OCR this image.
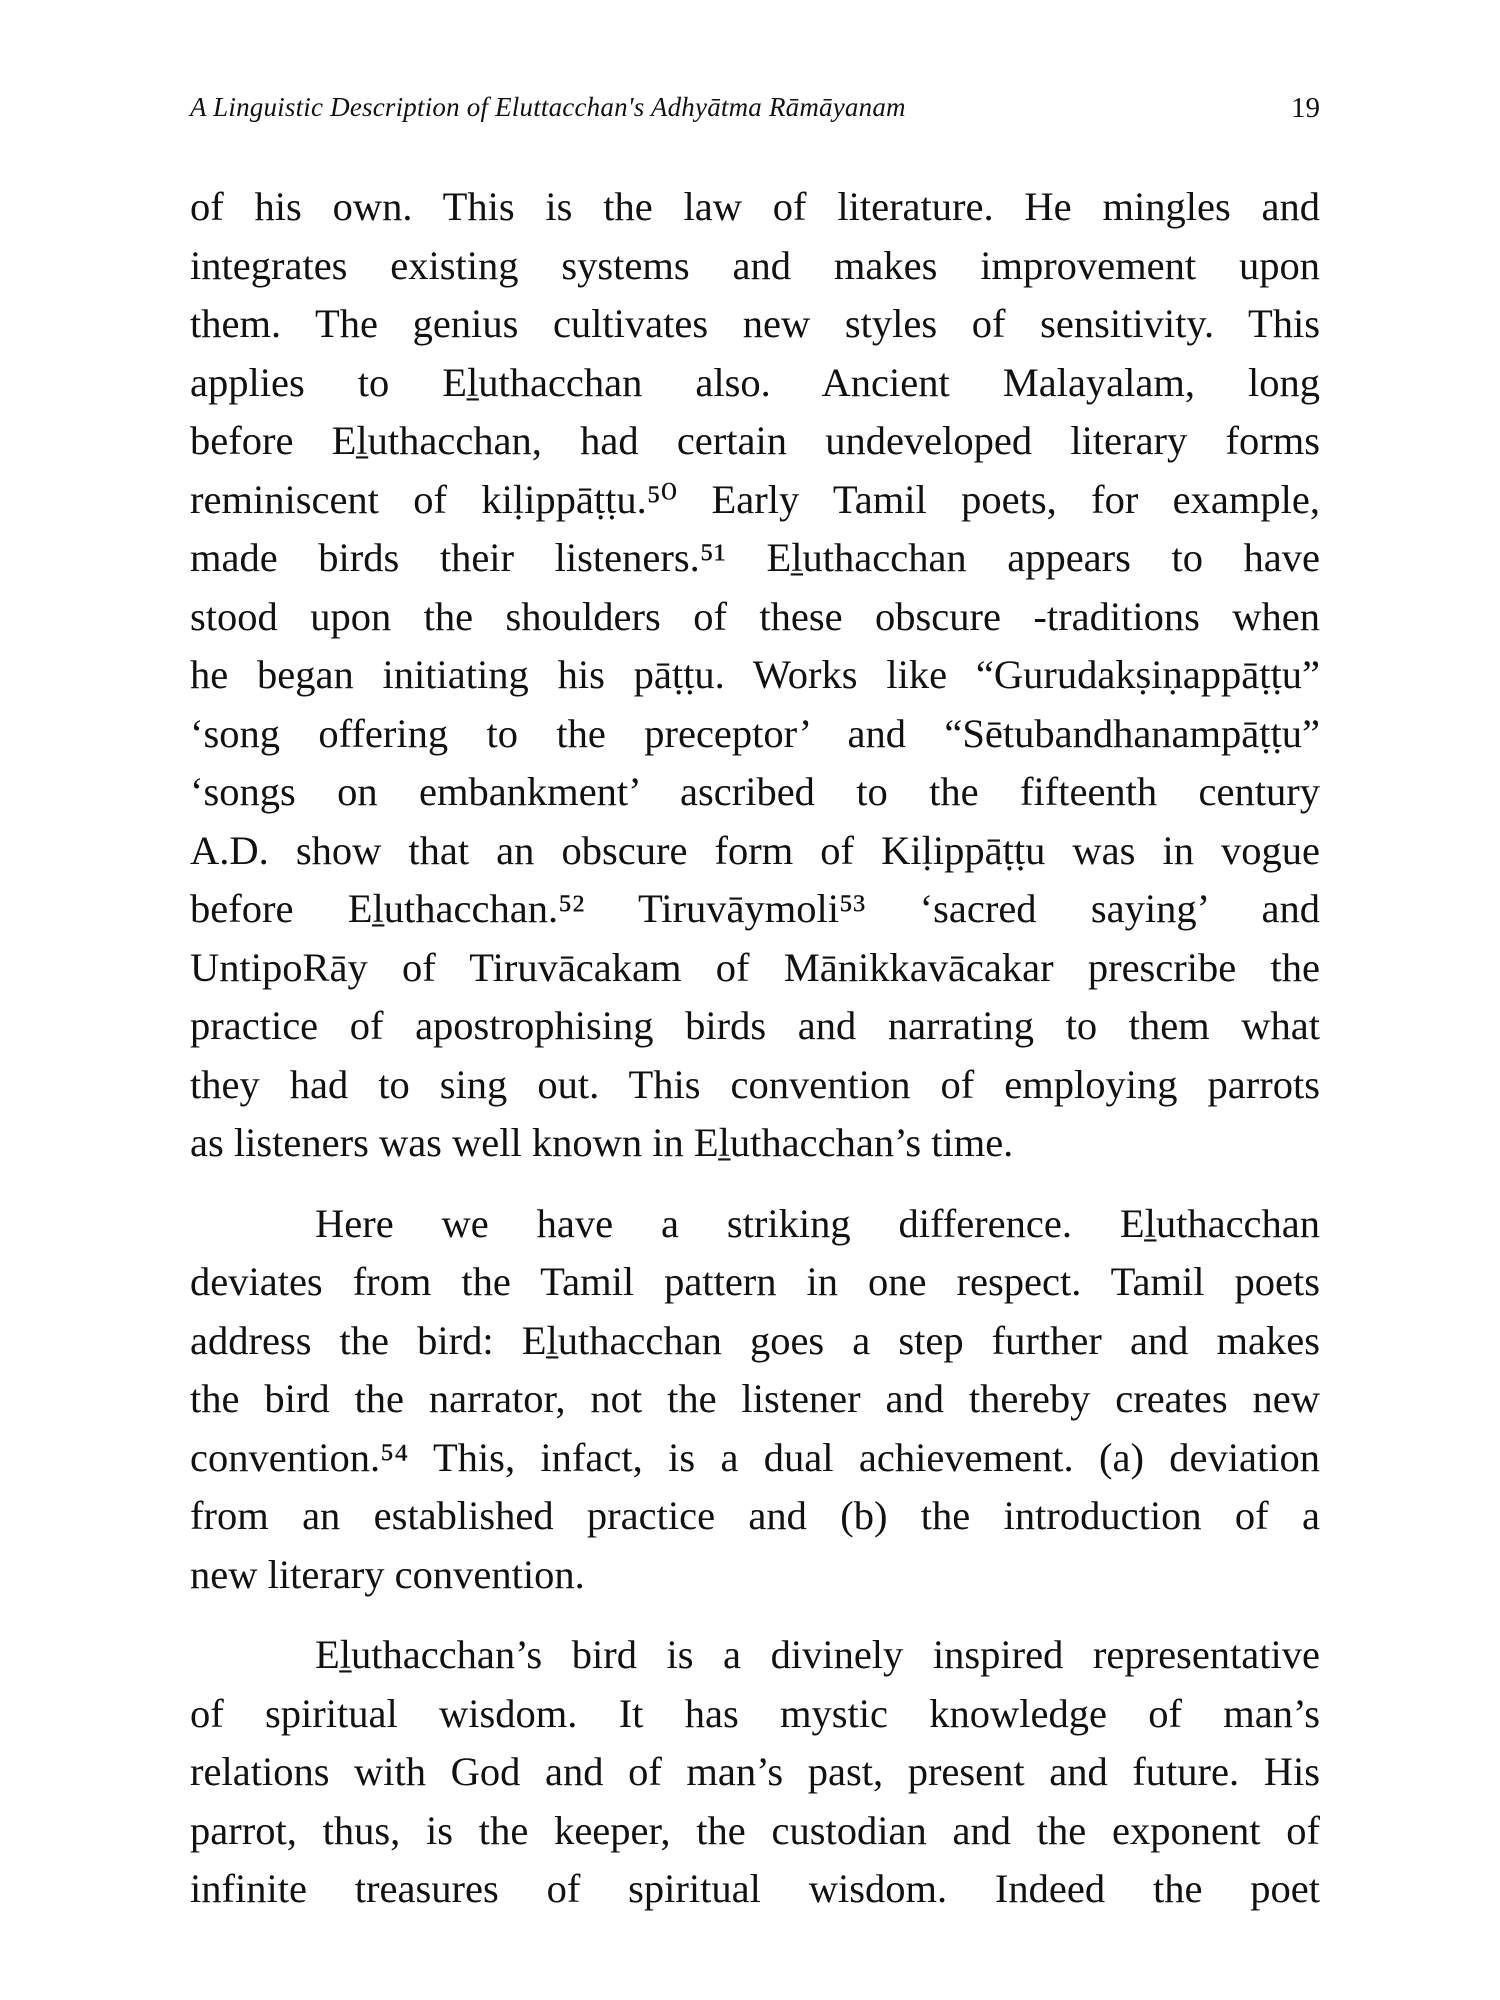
A Linguistic Description of Eluttacchan's Adhyātma Rāmāyanam	19

of his own. This is the law of literature. He mingles and
integrates existing systems and makes improvement upon
them. The genius cultivates new styles of sensitivity. This
applies to Eḻuthacchan also. Ancient Malayalam, long
before Eḻuthacchan, had certain undeveloped literary forms
reminiscent of kiḷippāṭṭu.⁵⁰ Early Tamil poets, for example,
made birds their listeners.⁵¹ Eḻuthacchan appears to have
stood upon the shoulders of these obscure -traditions when
he began initiating his pāṭṭu. Works like “Gurudakṣiṇappāṭṭu”
‘song offering to the preceptor’ and “Sētubandhanampāṭṭu”
‘songs on embankment’ ascribed to the fifteenth century
A.D. show that an obscure form of Kiḷippāṭṭu was in vogue
before Eḻuthacchan.⁵² Tiruvāymoli⁵³ ‘sacred saying’ and
UntipoRāy of Tiruvācakam of Mānikkavācakar prescribe the
practice of apostrophising birds and narrating to them what
they had to sing out. This convention of employing parrots
as listeners was well known in Eḻuthacchan’s time.

Here we have a striking difference. Eḻuthacchan
deviates from the Tamil pattern in one respect. Tamil poets
address the bird: Eḻuthacchan goes a step further and makes
the bird the narrator, not the listener and thereby creates new
convention.⁵⁴ This, infact, is a dual achievement. (a) deviation
from an established practice and (b) the introduction of a
new literary convention.

Eḻuthacchan’s bird is a divinely inspired representative
of spiritual wisdom. It has mystic knowledge of man’s
relations with God and of man’s past, present and future. His
parrot, thus, is the keeper, the custodian and the exponent of
infinite treasures of spiritual wisdom. Indeed the poet
